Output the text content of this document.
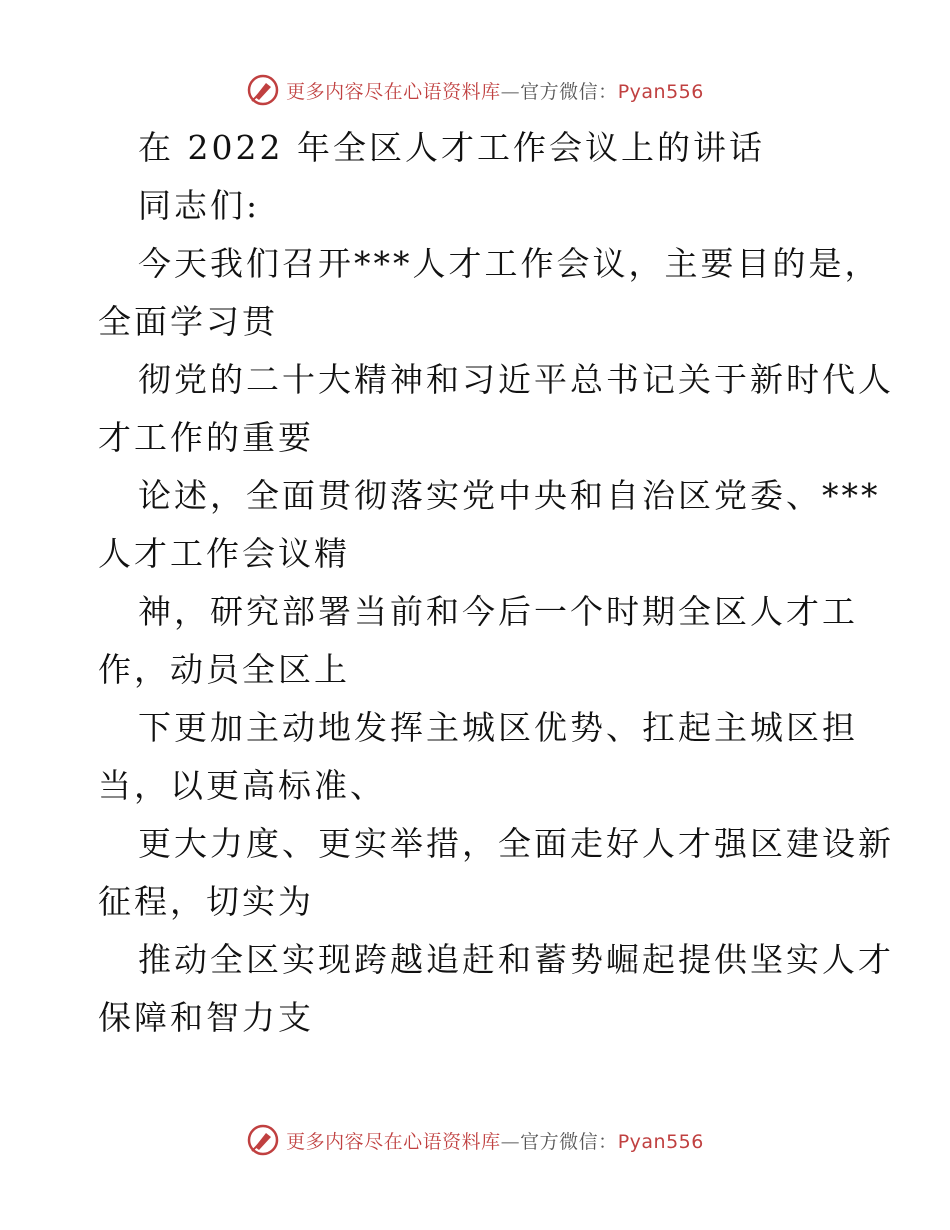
更多内容尽在心语资料库—官方微信：Pyan556
在 2022 年全区人才工作会议上的讲话
同志们:
今天我们召开***人才工作会议，主要目的是，
全面学习贯
彻党的二十大精神和习近平总书记关于新时代人
才工作的重要
论述，全面贯彻落实党中央和自治区党委、***
人才工作会议精
神，研究部署当前和今后一个时期全区人才工
作，动员全区上
下更加主动地发挥主城区优势、扛起主城区担
当，以更高标准、
更大力度、更实举措，全面走好人才强区建设新
征程，切实为
推动全区实现跨越追赶和蓄势崛起提供坚实人才
保障和智力支
更多内容尽在心语资料库—官方微信：Pyan556
